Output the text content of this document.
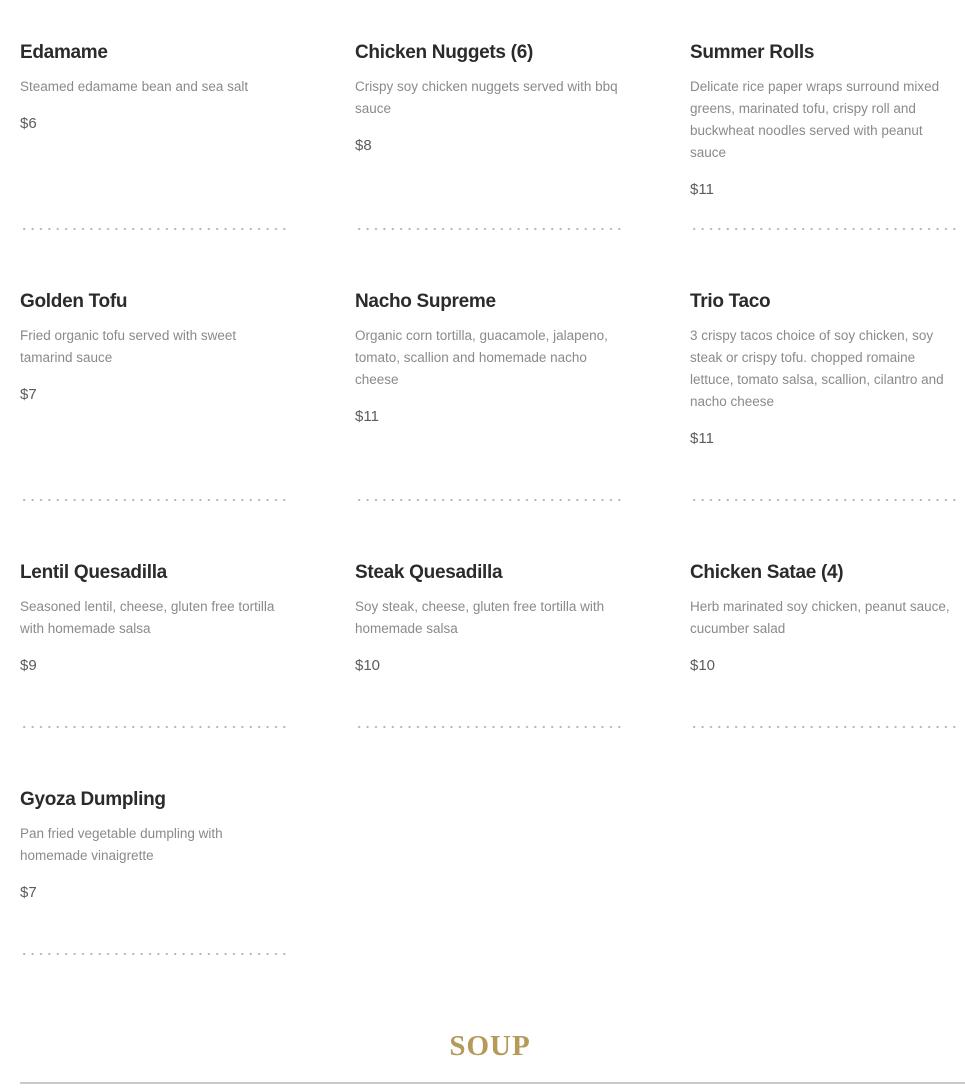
Edamame

Steamed edamame bean and sea salt

$6

Chicken Nuggets (6)

Crispy soy chicken nuggets served with bbq sauce

$8

Summer Rolls

Delicate rice paper wraps surround mixed greens, marinated tofu, crispy roll and buckwheat noodles served with peanut sauce

$11

Golden Tofu

Fried organic tofu served with sweet tamarind sauce

$7

Nacho Supreme

Organic corn tortilla, guacamole, jalapeno, tomato, scallion and homemade nacho cheese

$11

Trio Taco

3 crispy tacos choice of soy chicken, soy steak or crispy tofu. chopped romaine lettuce, tomato salsa, scallion, cilantro and nacho cheese

$11

Lentil Quesadilla

Seasoned lentil, cheese, gluten free tortilla with homemade salsa

$9

Steak Quesadilla

Soy steak, cheese, gluten free tortilla with homemade salsa

$10

Chicken Satae (4)

Herb marinated soy chicken, peanut sauce, cucumber salad

$10

Gyoza Dumpling

Pan fried vegetable dumpling with homemade vinaigrette

$7

SOUP
